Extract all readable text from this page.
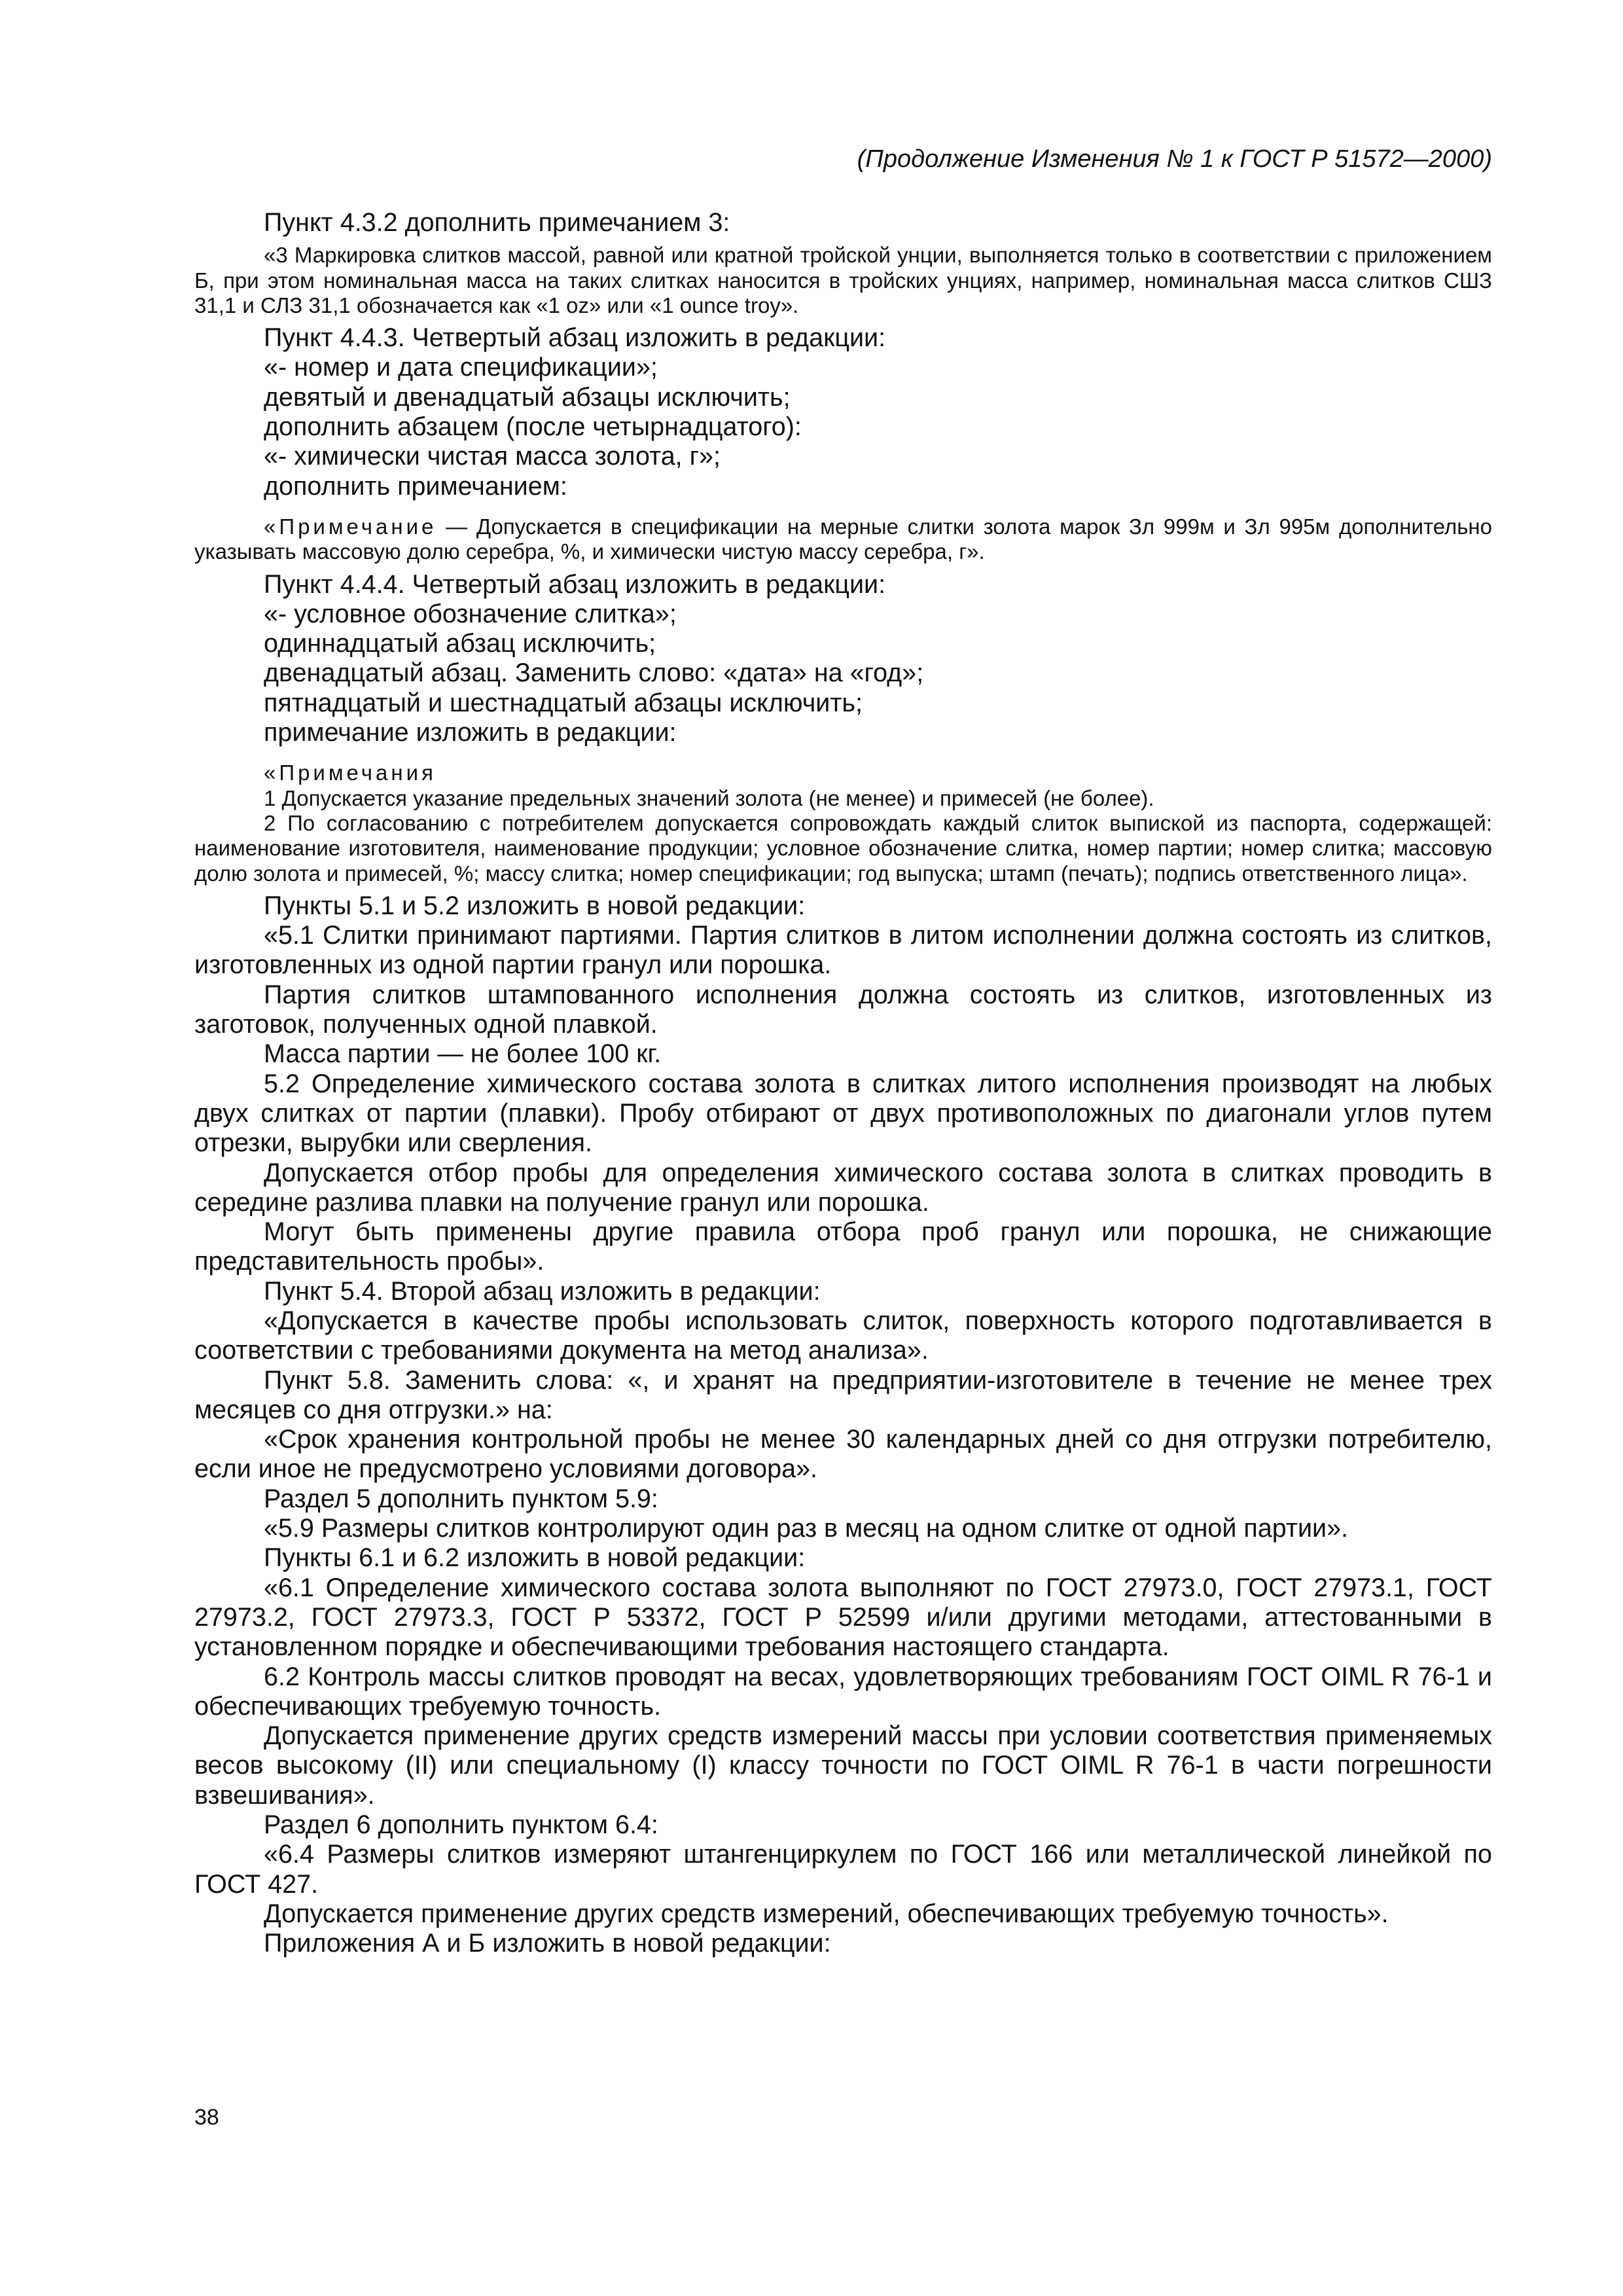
(Продолжение Изменения № 1 к ГОСТ Р 51572—2000)

Пункт 4.3.2 дополнить примечанием 3:

«3 Маркировка слитков массой, равной или кратной тройской унции, выполняется только в соответствии с приложением Б, при этом номинальная масса на таких слитках наносится в тройских унциях, например, номинальная масса слитков СШЗ 31,1 и СЛЗ 31,1 обозначается как «1 oz» или «1 ounce troy».

Пункт 4.4.3. Четвертый абзац изложить в редакции:

«- номер и дата спецификации»;

девятый и двенадцатый абзацы исключить;

дополнить абзацем (после четырнадцатого):

«- химически чистая масса золота, г»;

дополнить примечанием:

«Примечание — Допускается в спецификации на мерные слитки золота марок Зл 999м и Зл 995м дополнительно указывать массовую долю серебра, %, и химически чистую массу серебра, г».

Пункт 4.4.4. Четвертый абзац изложить в редакции:

«- условное обозначение слитка»;

одиннадцатый абзац исключить;

двенадцатый абзац. Заменить слово: «дата» на «год»;

пятнадцатый и шестнадцатый абзацы исключить;

примечание изложить в редакции:

«Примечания

1 Допускается указание предельных значений золота (не менее) и примесей (не более).

2 По согласованию с потребителем допускается сопровождать каждый слиток выпиской из паспорта, содержащей: наименование изготовителя, наименование продукции; условное обозначение слитка, номер партии; номер слитка; массовую долю золота и примесей, %; массу слитка; номер спецификации; год выпуска; штамп (печать); подпись ответственного лица».

Пункты 5.1 и 5.2 изложить в новой редакции:

«5.1 Слитки принимают партиями. Партия слитков в литом исполнении должна состоять из слитков, изготовленных из одной партии гранул или порошка.

Партия слитков штампованного исполнения должна состоять из слитков, изготовленных из заготовок, полученных одной плавкой.

Масса партии — не более 100 кг.

5.2 Определение химического состава золота в слитках литого исполнения производят на любых двух слитках от партии (плавки). Пробу отбирают от двух противоположных по диагонали углов путем отрезки, вырубки или сверления.

Допускается отбор пробы для определения химического состава золота в слитках проводить в середине разлива плавки на получение гранул или порошка.

Могут быть применены другие правила отбора проб гранул или порошка, не снижающие представительность пробы».

Пункт 5.4. Второй абзац изложить в редакции:

«Допускается в качестве пробы использовать слиток, поверхность которого подготавливается в соответствии с требованиями документа на метод анализа».

Пункт 5.8. Заменить слова: «, и хранят на предприятии-изготовителе в течение не менее трех месяцев со дня отгрузки.» на:

«Срок хранения контрольной пробы не менее 30 календарных дней со дня отгрузки потребителю, если иное не предусмотрено условиями договора».

Раздел 5 дополнить пунктом 5.9:

«5.9 Размеры слитков контролируют один раз в месяц на одном слитке от одной партии».

Пункты 6.1 и 6.2 изложить в новой редакции:

«6.1 Определение химического состава золота выполняют по ГОСТ 27973.0, ГОСТ 27973.1, ГОСТ 27973.2, ГОСТ 27973.3, ГОСТ Р 53372, ГОСТ Р 52599 и/или другими методами, аттестованными в установленном порядке и обеспечивающими требования настоящего стандарта.

6.2 Контроль массы слитков проводят на весах, удовлетворяющих требованиям ГОСТ OIML R 76-1 и обеспечивающих требуемую точность.

Допускается применение других средств измерений массы при условии соответствия применяемых весов высокому (II) или специальному (I) классу точности по ГОСТ OIML R 76-1 в части погрешности взвешивания».

Раздел 6 дополнить пунктом 6.4:

«6.4 Размеры слитков измеряют штангенциркулем по ГОСТ 166 или металлической линейкой по ГОСТ 427.

Допускается применение других средств измерений, обеспечивающих требуемую точность».

Приложения А и Б изложить в новой редакции:

38
